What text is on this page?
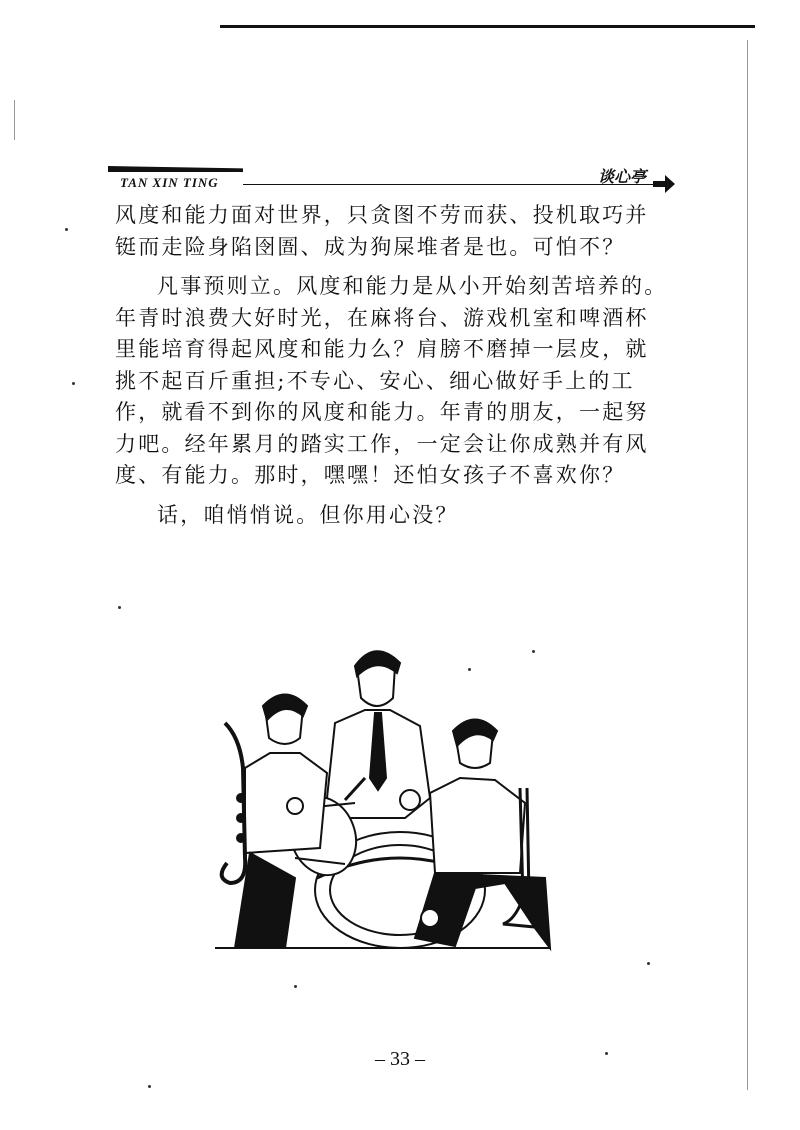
TAN XIN TING	谈心亭

风度和能力面对世界，只贪图不劳而获、投机取巧并铤而走险身陷囹圄、成为狗屎堆者是也。可怕不？

凡事预则立。风度和能力是从小开始刻苦培养的。年青时浪费大好时光，在麻将台、游戏机室和啤酒杯里能培育得起风度和能力么？肩膀不磨掉一层皮，就挑不起百斤重担;不专心、安心、细心做好手上的工作，就看不到你的风度和能力。年青的朋友，一起努力吧。经年累月的踏实工作，一定会让你成熟并有风度、有能力。那时，嘿嘿！还怕女孩子不喜欢你？

话，咱悄悄说。但你用心没？

– 33 –
